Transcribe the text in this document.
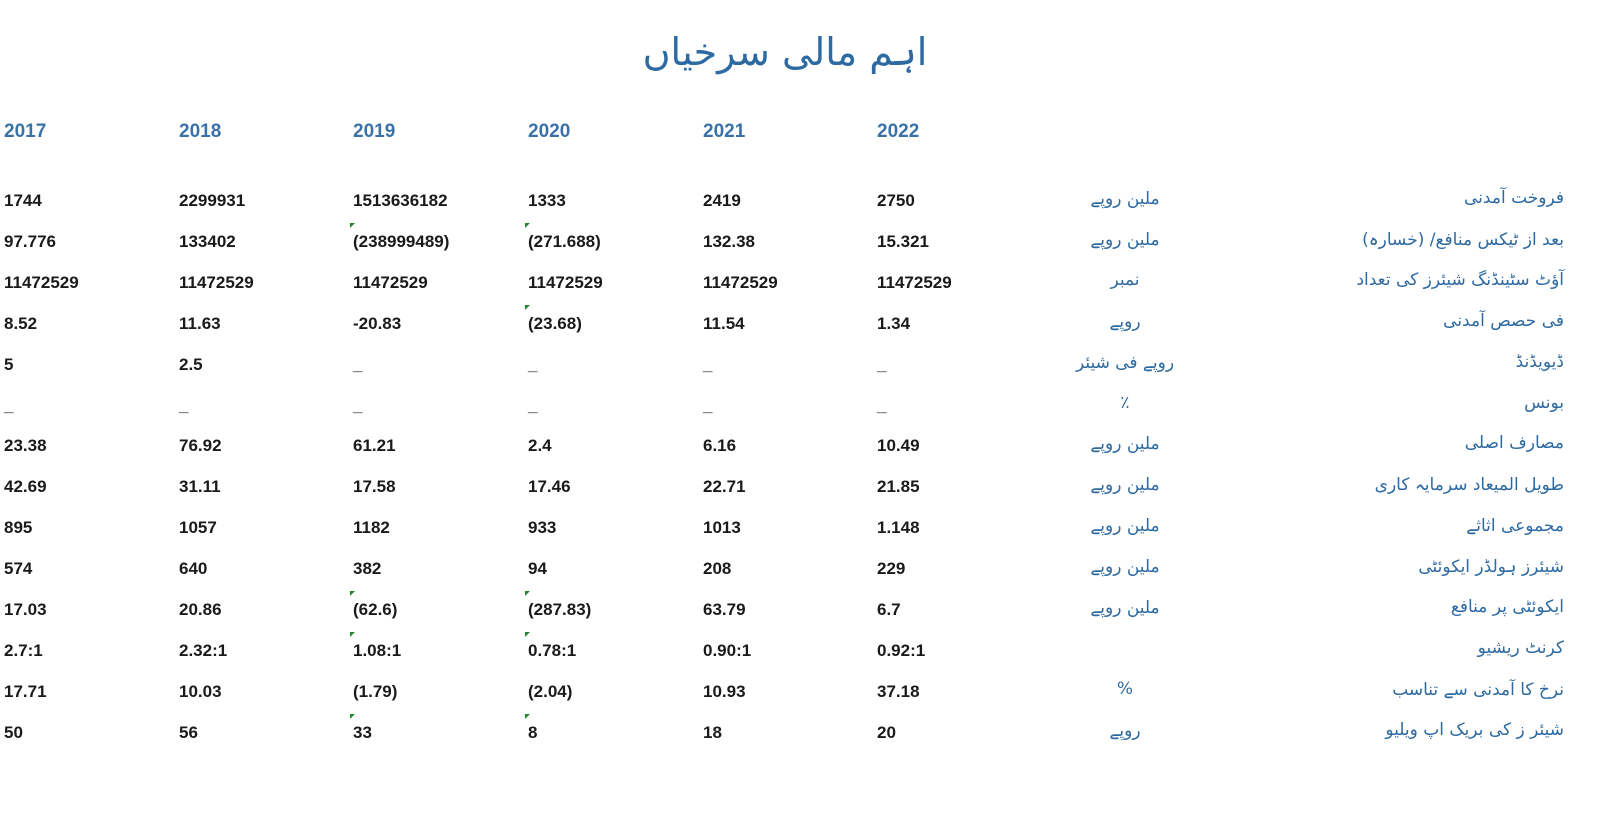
اہم مالی سرخیاں
2017	2018	2019	2020	2021	2022
1744	2299931	1513636182	1333	2419	2750	ملین روپے	فروخت آمدنی
97.776	133402	(238999489)	(271.688)	132.38	15.321	ملین روپے	بعد از ٹیکس منافع/ (خسارہ)
11472529	11472529	11472529	11472529	11472529	11472529	نمبر	آؤٹ سٹینڈنگ شیئرز کی تعداد
8.52	11.63	-20.83	(23.68)	11.54	1.34	روپے	فی حصص آمدنی
5	2.5	_	_	_	_	روپے فی شیئر	ڈیویڈنڈ
_	_	_	_	_	_	٪	بونس
23.38	76.92	61.21	2.4	6.16	10.49	ملین روپے	مصارف اصلی
42.69	31.11	17.58	17.46	22.71	21.85	ملین روپے	طویل المیعاد سرمایہ کاری
895	1057	1182	933	1013	1.148	ملین روپے	مجموعی اثاثے
574	640	382	94	208	229	ملین روپے	شیئرز ہولڈر ایکوئٹی
17.03	20.86	(62.6)	(287.83)	63.79	6.7	ملین روپے	ایکوئٹی پر منافع
2.7:1	2.32:1	1.08:1	0.78:1	0.90:1	0.92:1	کرنٹ ریشیو
17.71	10.03	(1.79)	(2.04)	10.93	37.18	%	نرخ کا آمدنی سے تناسب
50	56	33	8	18	20	روپے	شیئر ز کی بریک اپ ویلیو
